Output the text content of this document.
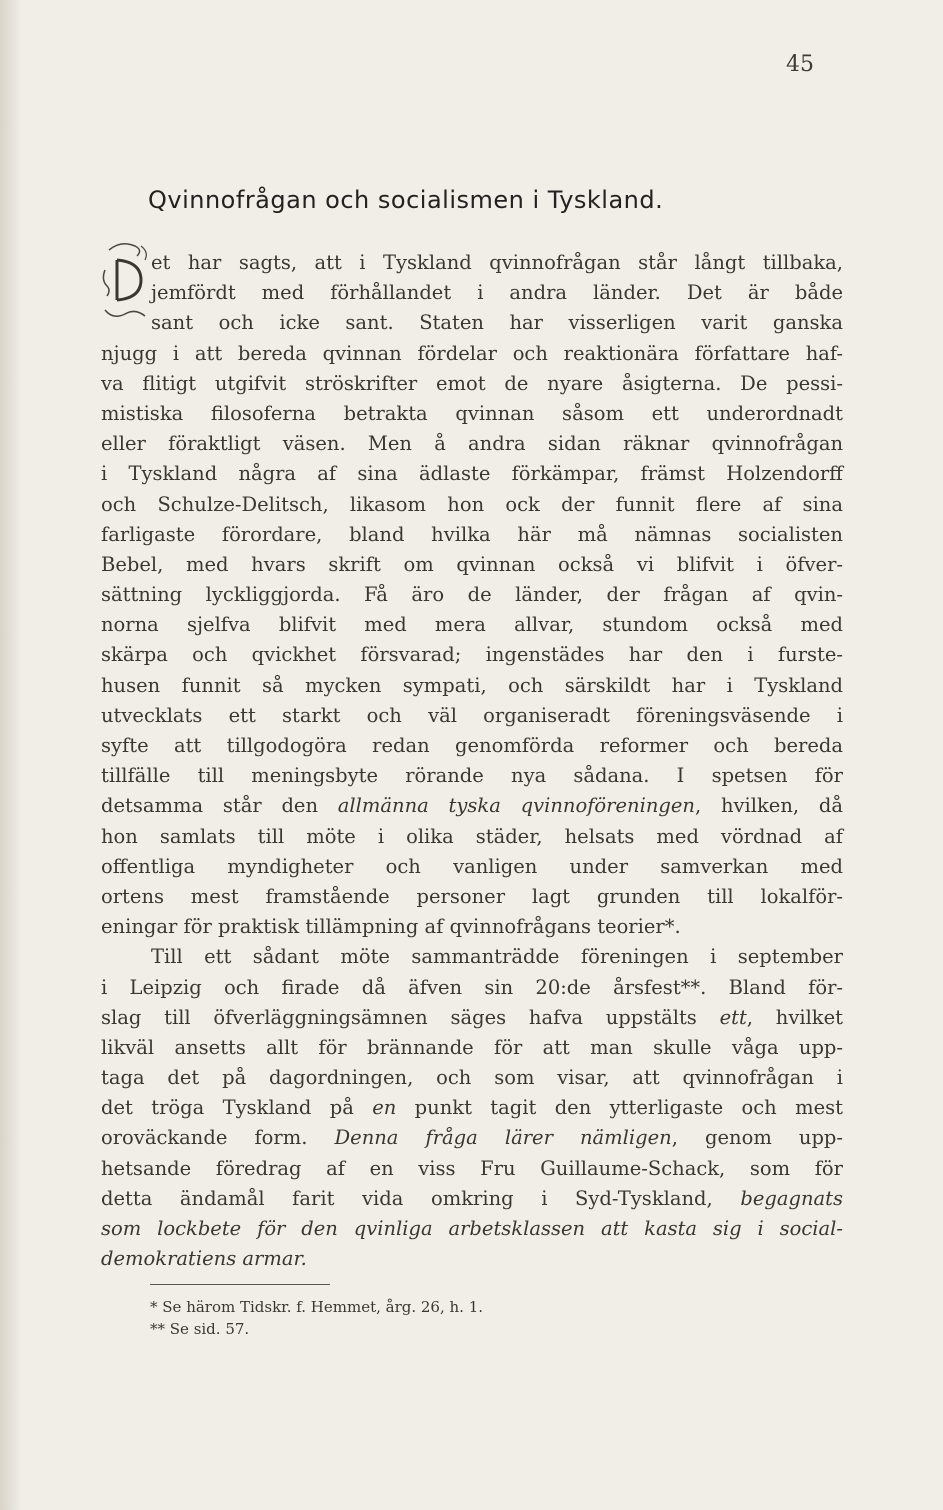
45
Qvinnofrågan och socialismen i Tyskland.
et har sagts, att i Tyskland qvinnofrågan står långt tillbaka,
jemfördt med förhållandet i andra länder. Det är både
sant och icke sant. Staten har visserligen varit ganska
njugg i att bereda qvinnan fördelar och reaktionära författare haf-
va flitigt utgifvit ströskrifter emot de nyare åsigterna. De pessi-
mistiska filosoferna betrakta qvinnan såsom ett underordnadt
eller föraktligt väsen. Men å andra sidan räknar qvinnofrågan
i Tyskland några af sina ädlaste förkämpar, främst Holzendorff
och Schulze-Delitsch, likasom hon ock der funnit flere af sina
farligaste förordare, bland hvilka här må nämnas socialisten
Bebel, med hvars skrift om qvinnan också vi blifvit i öfver-
sättning lyckliggjorda. Få äro de länder, der frågan af qvin-
norna sjelfva blifvit med mera allvar, stundom också med
skärpa och qvickhet försvarad; ingenstädes har den i furste-
husen funnit så mycken sympati, och särskildt har i Tyskland
utvecklats ett starkt och väl organiseradt föreningsväsende i
syfte att tillgodogöra redan genomförda reformer och bereda
tillfälle till meningsbyte rörande nya sådana. I spetsen för
detsamma står den allmänna tyska qvinnoföreningen, hvilken, då
hon samlats till möte i olika städer, helsats med vördnad af
offentliga myndigheter och vanligen under samverkan med
ortens mest framstående personer lagt grunden till lokalför-
eningar för praktisk tillämpning af qvinnofrågans teorier*.
Till ett sådant möte sammanträdde föreningen i september
i Leipzig och firade då äfven sin 20:de årsfest**. Bland för-
slag till öfverläggningsämnen säges hafva uppstälts ett, hvilket
likväl ansetts allt för brännande för att man skulle våga upp-
taga det på dagordningen, och som visar, att qvinnofrågan i
det tröga Tyskland på en punkt tagit den ytterligaste och mest
oroväckande form. Denna fråga lärer nämligen, genom upp-
hetsande föredrag af en viss Fru Guillaume-Schack, som för
detta ändamål farit vida omkring i Syd-Tyskland, begagnats
som lockbete för den qvinliga arbetsklassen att kasta sig i social-
demokratiens armar.
* Se härom Tidskr. f. Hemmet, årg. 26, h. 1.
** Se sid. 57.
